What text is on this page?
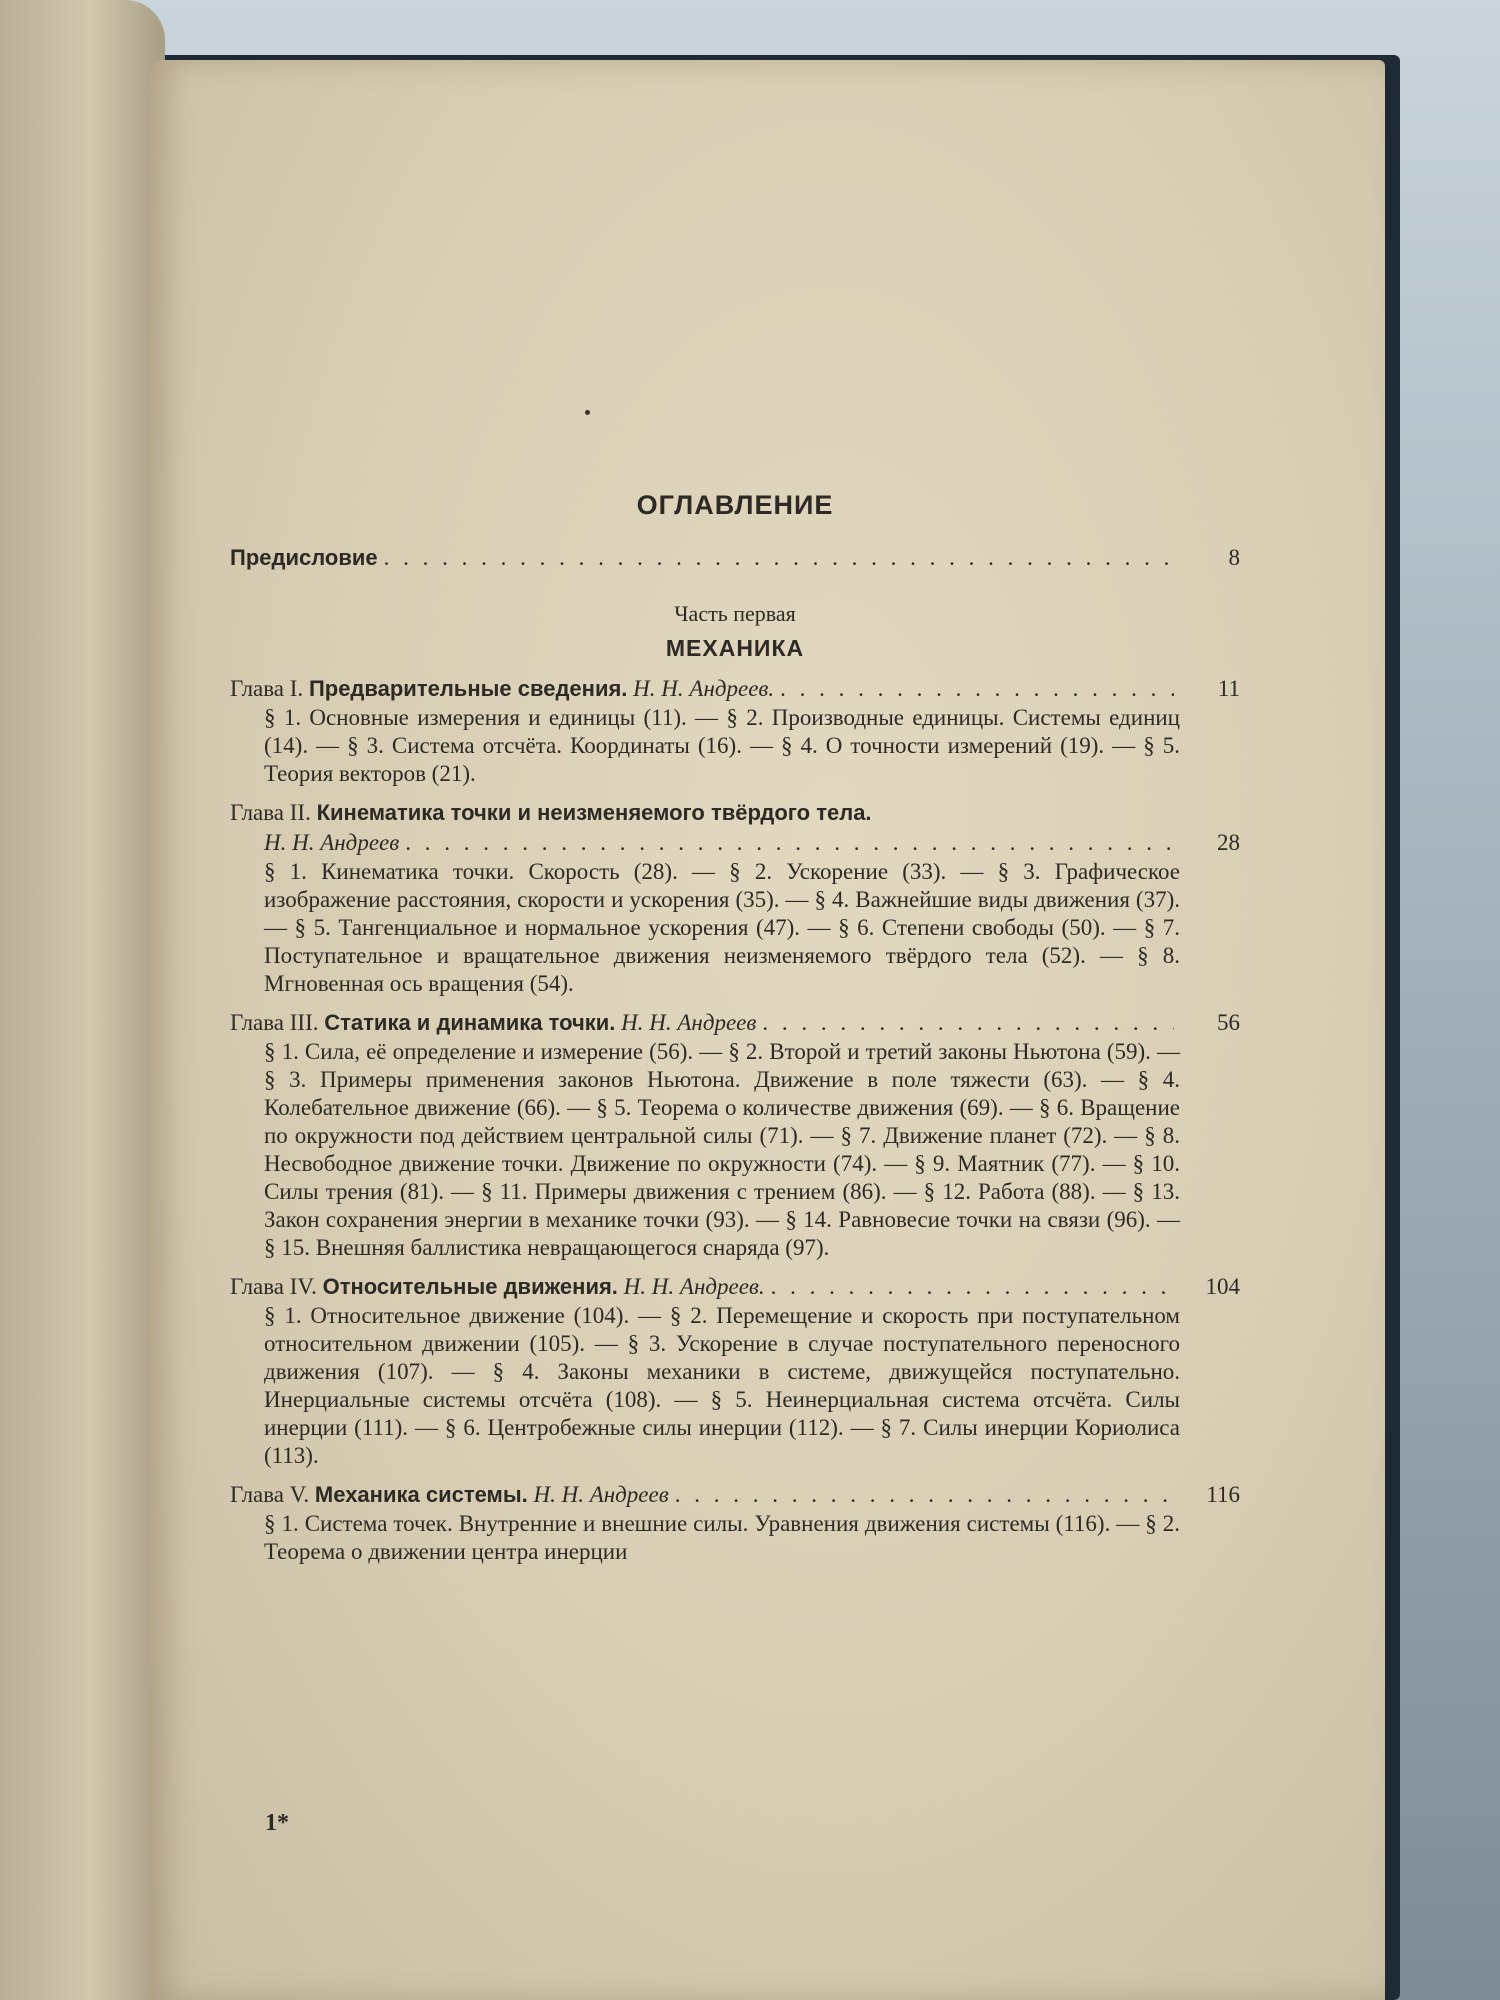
ОГЛАВЛЕНИЕ
Предисловие . . .	8
Часть первая
МЕХАНИКА
Глава I. Предварительные сведения. Н. Н. Андреев. . . .	11
§ 1. Основные измерения и единицы (11). — § 2. Производные единицы. Системы единиц (14). — § 3. Система отсчёта. Координаты (16). — § 4. О точности измерений (19). — § 5. Теория векторов (21).
Глава II. Кинематика точки и неизменяемого твёрдого тела.
Н. Н. Андреев . . .	28
§ 1. Кинематика точки. Скорость (28). — § 2. Ускорение (33). — § 3. Графическое изображение расстояния, скорости и ускорения (35). — § 4. Важнейшие виды движения (37). — § 5. Тангенциальное и нормальное ускорения (47). — § 6. Степени свободы (50). — § 7. Поступательное и вращательное движения неизменяемого твёрдого тела (52). — § 8. Мгновенная ось вращения (54).
Глава III. Статика и динамика точки. Н. Н. Андреев . . .	56
§ 1. Сила, её определение и измерение (56). — § 2. Второй и третий законы Ньютона (59). — § 3. Примеры применения законов Ньютона. Движение в поле тяжести (63). — § 4. Колебательное движение (66). — § 5. Теорема о количестве движения (69). — § 6. Вращение по окружности под действием центральной силы (71). — § 7. Движение планет (72). — § 8. Несвободное движение точки. Движение по окружности (74). — § 9. Маятник (77). — § 10. Силы трения (81). — § 11. Примеры движения с трением (86). — § 12. Работа (88). — § 13. Закон сохранения энергии в механике точки (93). — § 14. Равновесие точки на связи (96). — § 15. Внешняя баллистика невращающегося снаряда (97).
Глава IV. Относительные движения. Н. Н. Андреев. . . .	104
§ 1. Относительное движение (104). — § 2. Перемещение и скорость при поступательном относительном движении (105). — § 3. Ускорение в случае поступательного переносного движения (107). — § 4. Законы механики в системе, движущейся поступательно. Инерциальные системы отсчёта (108). — § 5. Неинерциальная система отсчёта. Силы инерции (111). — § 6. Центробежные силы инерции (112). — § 7. Силы инерции Кориолиса (113).
Глава V. Механика системы. Н. Н. Андреев . . .	116
§ 1. Система точек. Внутренние и внешние силы. Уравнения движения системы (116). — § 2. Теорема о движении центра инерции
1*
